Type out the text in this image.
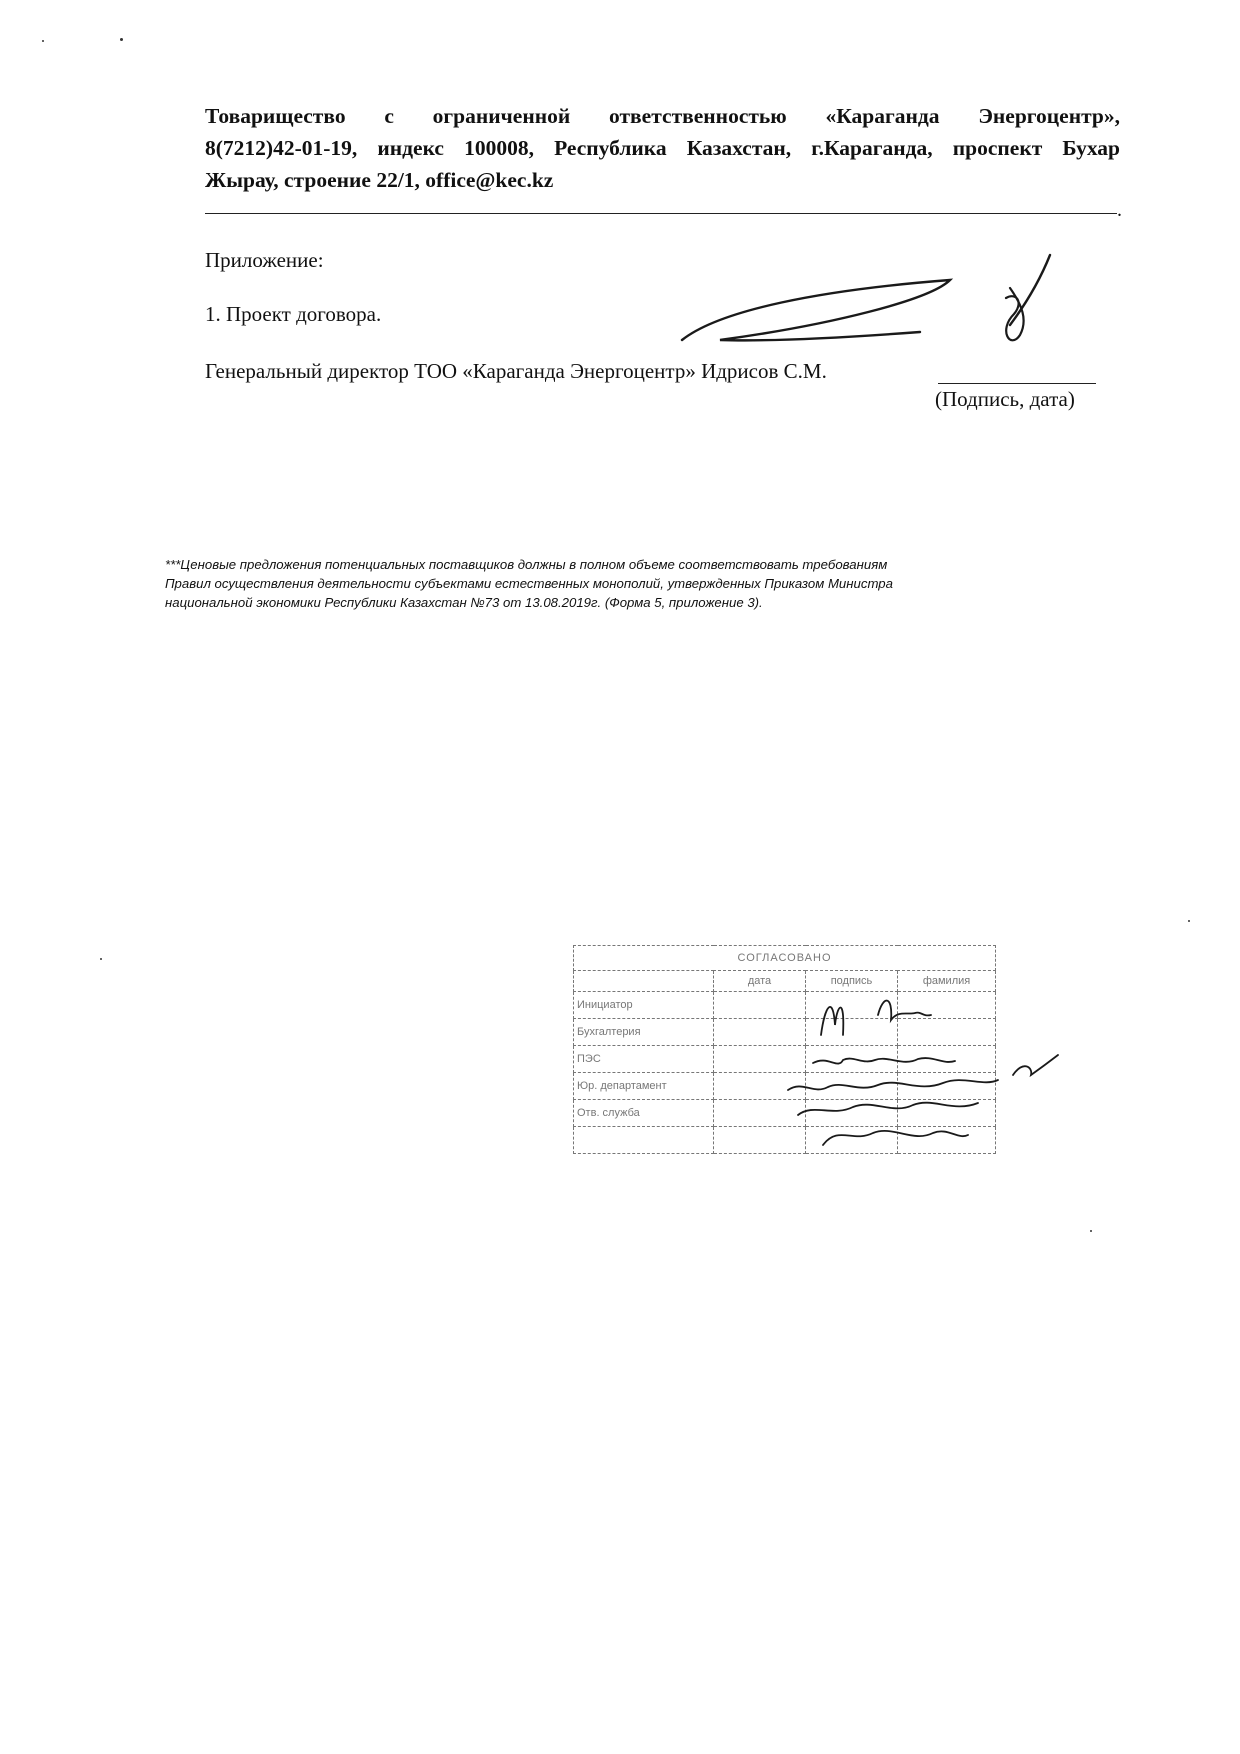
Товарищество с ограниченной ответственностью «Караганда Энергоцентр»,
8(7212)42-01-19, индекс 100008, Республика Казахстан, г.Караганда, проспект Бухар
Жырау, строение 22/1, office@kec.kz
.
Приложение:
1. Проект договора.
Генеральный директор ТОО «Караганда Энергоцентр» Идрисов С.М.
(Подпись, дата)
***Ценовые предложения потенциальных поставщиков должны в полном объеме соответствовать требованиям
Правил осуществления деятельности субъектами естественных монополий, утвержденных Приказом Министра
национальной экономики Республики Казахстан №73 от 13.08.2019г. (Форма 5, приложение 3).
СОГЛАСОВАНО			
	дата	подпись	фамилия
Инициатор			
Бухгалтерия			
ПЭС			
Юр. департамент			
Отв. служба			
